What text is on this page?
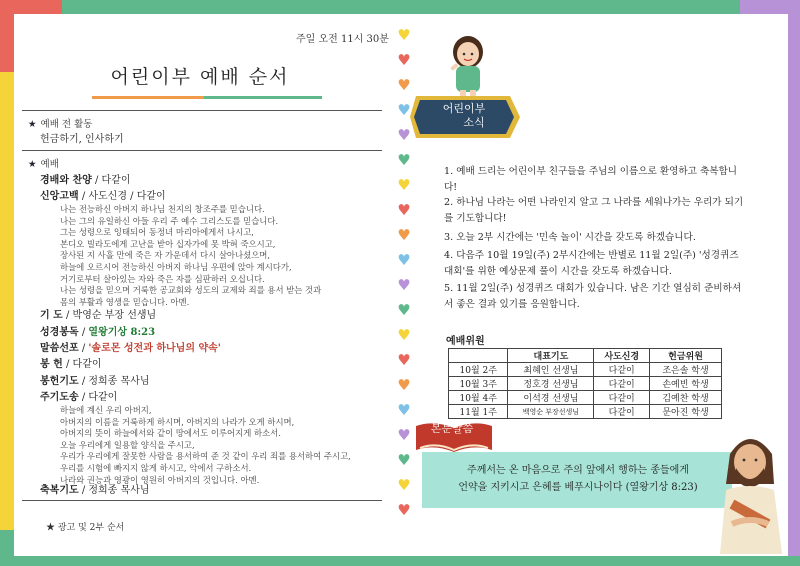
♥
♥
♥
♥
♥
♥
♥
♥
♥
♥
♥
♥
♥
♥
♥
♥
♥
♥
♥
♥
주일 오전 11시 30분
어린이부 예배 순서
★ 예배 전 활동
헌금하기, 인사하기
★ 예배
경배와 찬양 / 다같이
신앙고백 / 사도신경 / 다같이
나는 전능하신 아버지 하나님 천지의 창조주를 믿습니다.
나는 그의 유일하신 아들 우리 주 예수 그리스도를 믿습니다.
그는 성령으로 잉태되어 동정녀 마리아에게서 나시고,
본디오 빌라도에게 고난을 받아 십자가에 못 박혀 죽으시고,
장사된 지 사흘 만에 죽은 자 가운데서 다시 살아나셨으며,
하늘에 오르시어 전능하신 아버지 하나님 우편에 앉아 계시다가,
거기로부터 살아있는 자와 죽은 자를 심판하러 오십니다.
나는 성령을 믿으며 거룩한 공교회와 성도의 교제와 죄를 용서 받는 것과
몸의 부활과 영생을 믿습니다. 아멘.
기 도 / 박영순 부장 선생님
성경봉독 / 열왕기상 8:23
말씀선포 / '솔로몬 성전과 하나님의 약속'
봉 헌 / 다같이
봉헌기도 / 정희종 목사님
주기도송 / 다같이
하늘에 계신 우리 아버지,
아버지의 이름을 거룩하게 하시며, 아버지의 나라가 오게 하시며,
아버지의 뜻이 하늘에서와 같이 땅에서도 이루어지게 하소서.
오늘 우리에게 일용할 양식을 주시고,
우리가 우리에게 잘못한 사람을 용서하여 준 것 같이 우리 죄를 용서하여 주시고,
우리를 시험에 빠지지 않게 하시고, 악에서 구하소서.
나라와 권능과 영광이 영원히 아버지의 것입니다. 아멘.
축복기도 / 정희종 목사님
★ 광고 및 2부 순서
어린이부
소식
1. 예배 드리는 어린이부 친구들을 주님의 이름으로 환영하고 축복합니다!
2. 하나님 나라는 어떤 나라인지 알고 그 나라를 세워나가는 우리가 되기를 기도합니다!
3. 오늘 2부 시간에는 '민속 놀이' 시간을 갖도록 하겠습니다.
4. 다음주 10월 19일(주) 2부시간에는 반별로 11월 2일(주) '성경퀴즈대회'를 위한 예상문제 풀이 시간을 갖도록 하겠습니다.
5. 11월 2일(주) 성경퀴즈 대회가 있습니다. 남은 기간 열심히 준비하셔서 좋은 결과 있기를 응원합니다.
예배위원
	대표기도	사도신경	헌금위원
10월 2주	최혜인 선생님	다같이	조은솔 학생
10월 3주	정호경 선생님	다같이	손예빈 학생
10월 4주	이석경 선생님	다같이	김예찬 학생
11월 1주	백영순 부장선생님	다같이	문아진 학생
본문말씀
주께서는 온 마음으로 주의 앞에서 행하는 종들에게
언약을 지키시고 은혜를 베푸시나이다 (열왕기상 8:23)
